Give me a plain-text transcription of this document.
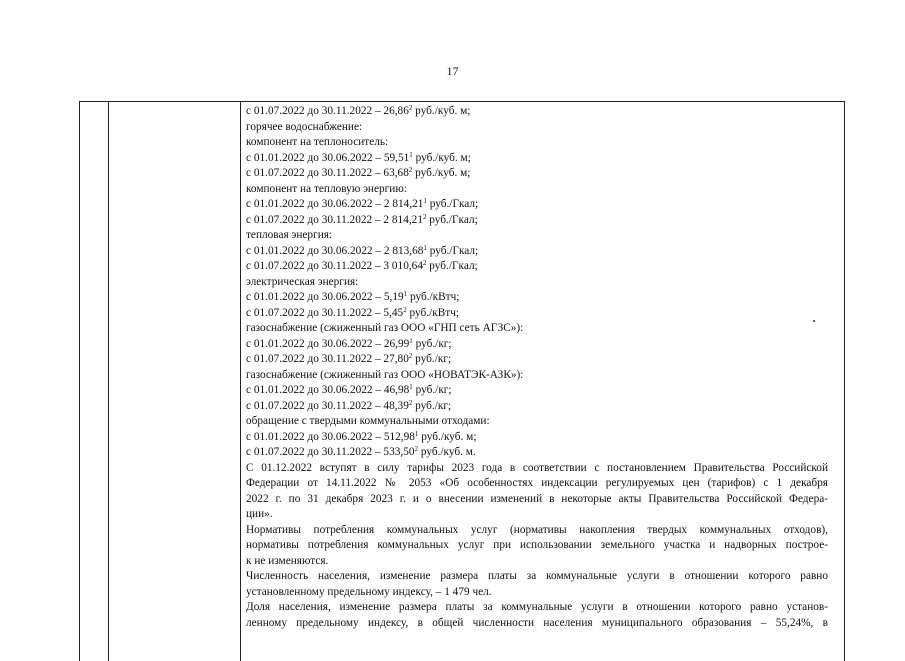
17
с 01.07.2022 до 30.11.2022 – 26,86$^2$ руб./куб. м;
горячее водоснабжение:
компонент на теплоноситель:
с 01.01.2022 до 30.06.2022 – 59,51$^1$ руб./куб. м;
с 01.07.2022 до 30.11.2022 – 63,68$^2$ руб./куб. м;
компонент на тепловую энергию:
с 01.01.2022 до 30.06.2022 – 2 814,21$^1$ руб./Гкал;
с 01.07.2022 до 30.11.2022 – 2 814,21$^2$ руб./Гкал;
тепловая энергия:
с 01.01.2022 до 30.06.2022 – 2 813,68$^1$ руб./Гкал;
с 01.07.2022 до 30.11.2022 – 3 010,64$^2$ руб./Гкал;
электрическая энергия:
с 01.01.2022 до 30.06.2022 – 5,19$^1$ руб./кВтч;
с 01.07.2022 до 30.11.2022 – 5,45$^2$ руб./кВтч;
газоснабжение (сжиженный газ ООО «ГНП сеть АГЗС»):
с 01.01.2022 до 30.06.2022 – 26,99$^1$ руб./кг;
с 01.07.2022 до 30.11.2022 – 27,80$^2$ руб./кг;
газоснабжение (сжиженный газ ООО «НОВАТЭК-АЗК»):
с 01.01.2022 до 30.06.2022 – 46,98$^1$ руб./кг;
с 01.07.2022 до 30.11.2022 – 48,39$^2$ руб./кг;
обращение с твердыми коммунальными отходами:
с 01.01.2022 до 30.06.2022 – 512,98$^1$ руб./куб. м;
с 01.07.2022 до 30.11.2022 – 533,50$^2$ руб./куб. м.
С 01.12.2022 вступят в силу тарифы 2023 года в соответствии с постановлением Правительства Российской
Федерации от 14.11.2022 № 2053 «Об особенностях индексации регулируемых цен (тарифов) с 1 декабря
2022 г. по 31 декабря 2023 г. и о внесении изменений в некоторые акты Правительства Российской Федера-
ции».
Нормативы потребления коммунальных услуг (нормативы накопления твердых коммунальных отходов),
нормативы потребления коммунальных услуг при использовании земельного участка и надворных построе-
к не изменяются.
Численность населения, изменение размера платы за коммунальные услуги в отношении которого равно
установленному предельному индексу, – 1 479 чел.
Доля населения, изменение размера платы за коммунальные услуги в отношении которого равно установ-
ленному предельному индексу, в общей численности населения муниципального образования – 55,24%, в
